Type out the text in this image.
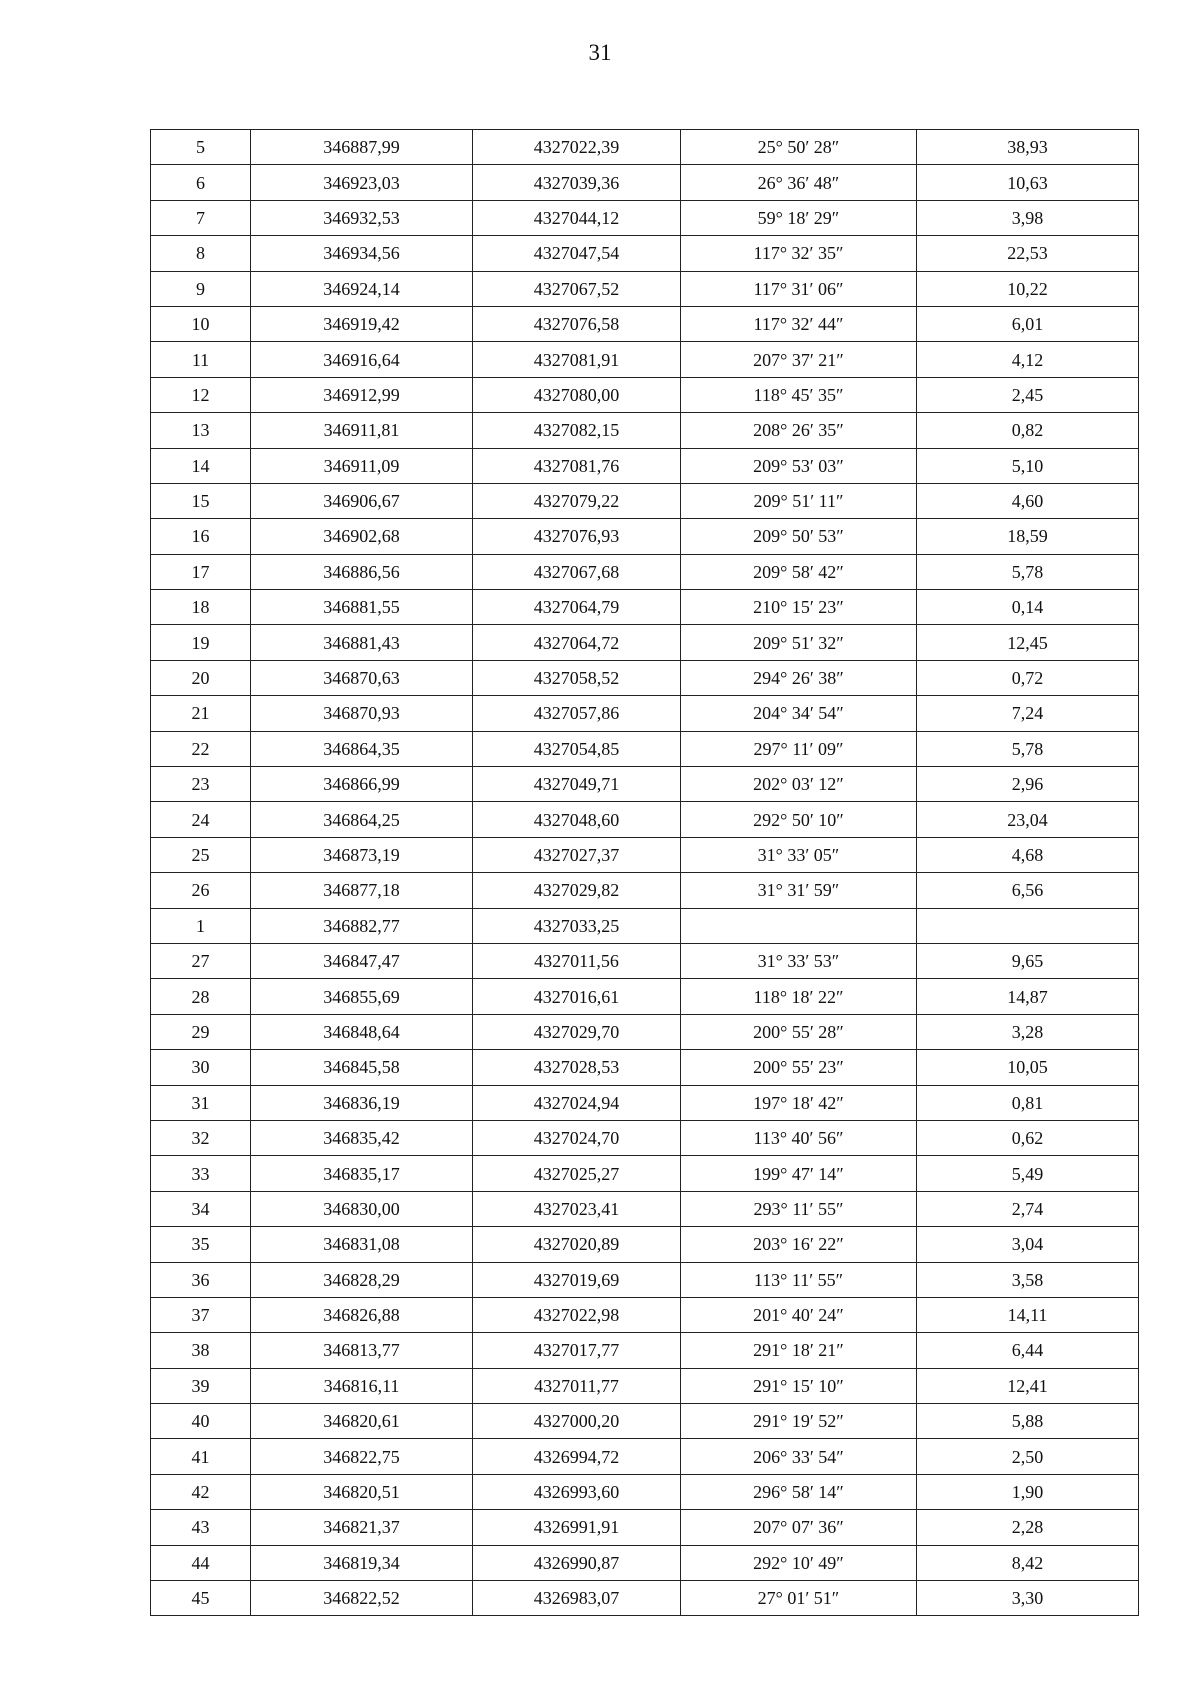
31
5	346887,99	4327022,39	25° 50′ 28″	38,93
6	346923,03	4327039,36	26° 36′ 48″	10,63
7	346932,53	4327044,12	59° 18′ 29″	3,98
8	346934,56	4327047,54	117° 32′ 35″	22,53
9	346924,14	4327067,52	117° 31′ 06″	10,22
10	346919,42	4327076,58	117° 32′ 44″	6,01
11	346916,64	4327081,91	207° 37′ 21″	4,12
12	346912,99	4327080,00	118° 45′ 35″	2,45
13	346911,81	4327082,15	208° 26′ 35″	0,82
14	346911,09	4327081,76	209° 53′ 03″	5,10
15	346906,67	4327079,22	209° 51′ 11″	4,60
16	346902,68	4327076,93	209° 50′ 53″	18,59
17	346886,56	4327067,68	209° 58′ 42″	5,78
18	346881,55	4327064,79	210° 15′ 23″	0,14
19	346881,43	4327064,72	209° 51′ 32″	12,45
20	346870,63	4327058,52	294° 26′ 38″	0,72
21	346870,93	4327057,86	204° 34′ 54″	7,24
22	346864,35	4327054,85	297° 11′ 09″	5,78
23	346866,99	4327049,71	202° 03′ 12″	2,96
24	346864,25	4327048,60	292° 50′ 10″	23,04
25	346873,19	4327027,37	31° 33′ 05″	4,68
26	346877,18	4327029,82	31° 31′ 59″	6,56
1	346882,77	4327033,25		
27	346847,47	4327011,56	31° 33′ 53″	9,65
28	346855,69	4327016,61	118° 18′ 22″	14,87
29	346848,64	4327029,70	200° 55′ 28″	3,28
30	346845,58	4327028,53	200° 55′ 23″	10,05
31	346836,19	4327024,94	197° 18′ 42″	0,81
32	346835,42	4327024,70	113° 40′ 56″	0,62
33	346835,17	4327025,27	199° 47′ 14″	5,49
34	346830,00	4327023,41	293° 11′ 55″	2,74
35	346831,08	4327020,89	203° 16′ 22″	3,04
36	346828,29	4327019,69	113° 11′ 55″	3,58
37	346826,88	4327022,98	201° 40′ 24″	14,11
38	346813,77	4327017,77	291° 18′ 21″	6,44
39	346816,11	4327011,77	291° 15′ 10″	12,41
40	346820,61	4327000,20	291° 19′ 52″	5,88
41	346822,75	4326994,72	206° 33′ 54″	2,50
42	346820,51	4326993,60	296° 58′ 14″	1,90
43	346821,37	4326991,91	207° 07′ 36″	2,28
44	346819,34	4326990,87	292° 10′ 49″	8,42
45	346822,52	4326983,07	27° 01′ 51″	3,30
